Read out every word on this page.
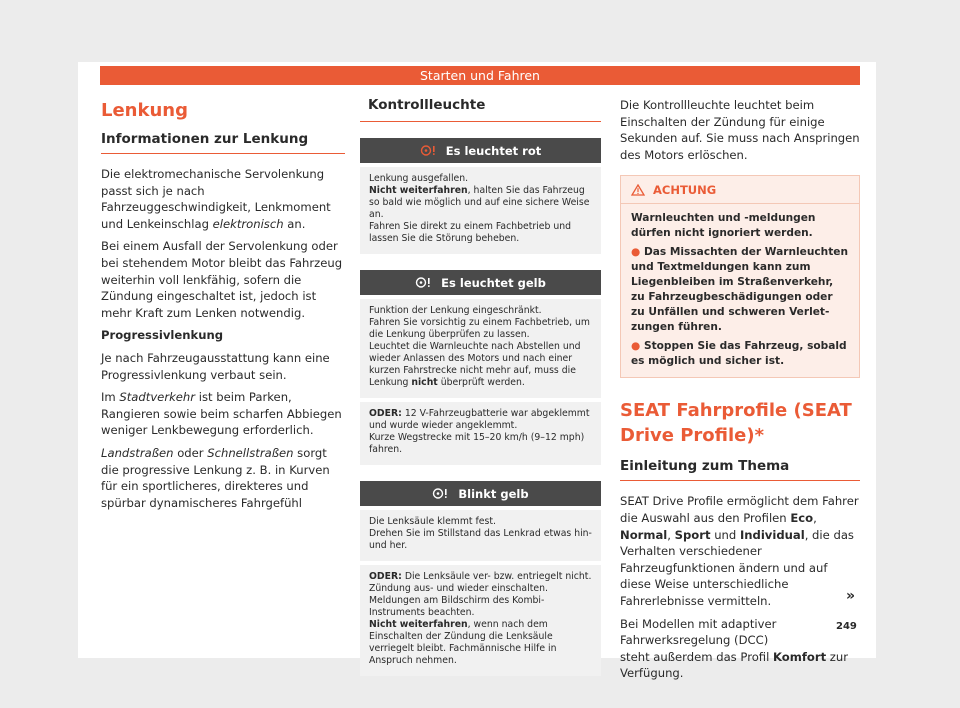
Starten und Fahren
Lenkung
Informationen zur Lenkung

Die elektromechanische Servolenkung passt sich je nach Fahrzeuggeschwindigkeit, Lenkmoment und Lenkeinschlag elektronisch an.

Bei einem Ausfall der Servolenkung oder bei stehendem Motor bleibt das Fahrzeug weiterhin voll lenkfähig, sofern die Zündung eingeschaltet ist, jedoch ist mehr Kraft zum Lenken notwendig.

Progressivlenkung

Je nach Fahrzeugausstattung kann eine Progressivlenkung verbaut sein.

Im Stadtverkehr ist beim Parken, Rangieren sowie beim scharfen Abbiegen weniger Lenkbewegung erforderlich.

Landstraßen oder Schnellstraßen sorgt die progressive Lenkung z. B. in Kurven für ein sportlicheres, direkteres und spürbar dynamischeres Fahrgefühl

Kontrollleuchte
Es leuchtet rot
Lenkung ausgefallen.
Nicht weiterfahren, halten Sie das Fahrzeug so bald wie möglich und auf eine sichere Weise an.
Fahren Sie direkt zu einem Fachbetrieb und lassen Sie die Störung beheben.
Es leuchtet gelb
Funktion der Lenkung eingeschränkt.
Fahren Sie vorsichtig zu einem Fachbetrieb, um die Lenkung überprüfen zu lassen.
Leuchtet die Warnleuchte nach Abstellen und wieder Anlassen des Motors und nach einer kurzen Fahrstrecke nicht mehr auf, muss die Lenkung nicht überprüft werden.
ODER: 12 V-Fahrzeugbatterie war abgeklemmt und wurde wieder angeklemmt.
Kurze Wegstrecke mit 15–20 km/h (9–12 mph) fahren.
Blinkt gelb
Die Lenksäule klemmt fest.
Drehen Sie im Stillstand das Lenkrad etwas hin- und her.
ODER: Die Lenksäule ver- bzw. entriegelt nicht.
Zündung aus- und wieder einschalten. Meldungen am Bildschirm des Kombi-Instruments beachten.
Nicht weiterfahren, wenn nach dem Einschalten der Zündung die Lenksäule verriegelt bleibt. Fachmännische Hilfe in Anspruch nehmen.

Die Kontrollleuchte leuchtet beim Einschalten der Zündung für einige Sekunden auf. Sie muss nach Anspringen des Motors erlöschen.

ACHTUNG
Warnleuchten und -meldungen dürfen nicht ignoriert werden.
● Das Missachten der Warnleuchten und Textmeldungen kann zum Liegenbleiben im Straßenverkehr, zu Fahrzeugbeschädigungen oder zu Unfällen und schweren Verletzungen führen.
● Stoppen Sie das Fahrzeug, sobald es möglich und sicher ist.
SEAT Fahrprofile (SEAT Drive Profile)*
Einleitung zum Thema

SEAT Drive Profile ermöglicht dem Fahrer die Auswahl aus den Profilen Eco, Normal, Sport und Individual, die das Verhalten verschiedener Fahrzeugfunktionen ändern und auf diese Weise unterschiedliche Fahrerlebnisse vermitteln.

Bei Modellen mit adaptiver Fahrwerksregelung (DCC)
steht außerdem das Profil Komfort zur Verfügung.

»
249
